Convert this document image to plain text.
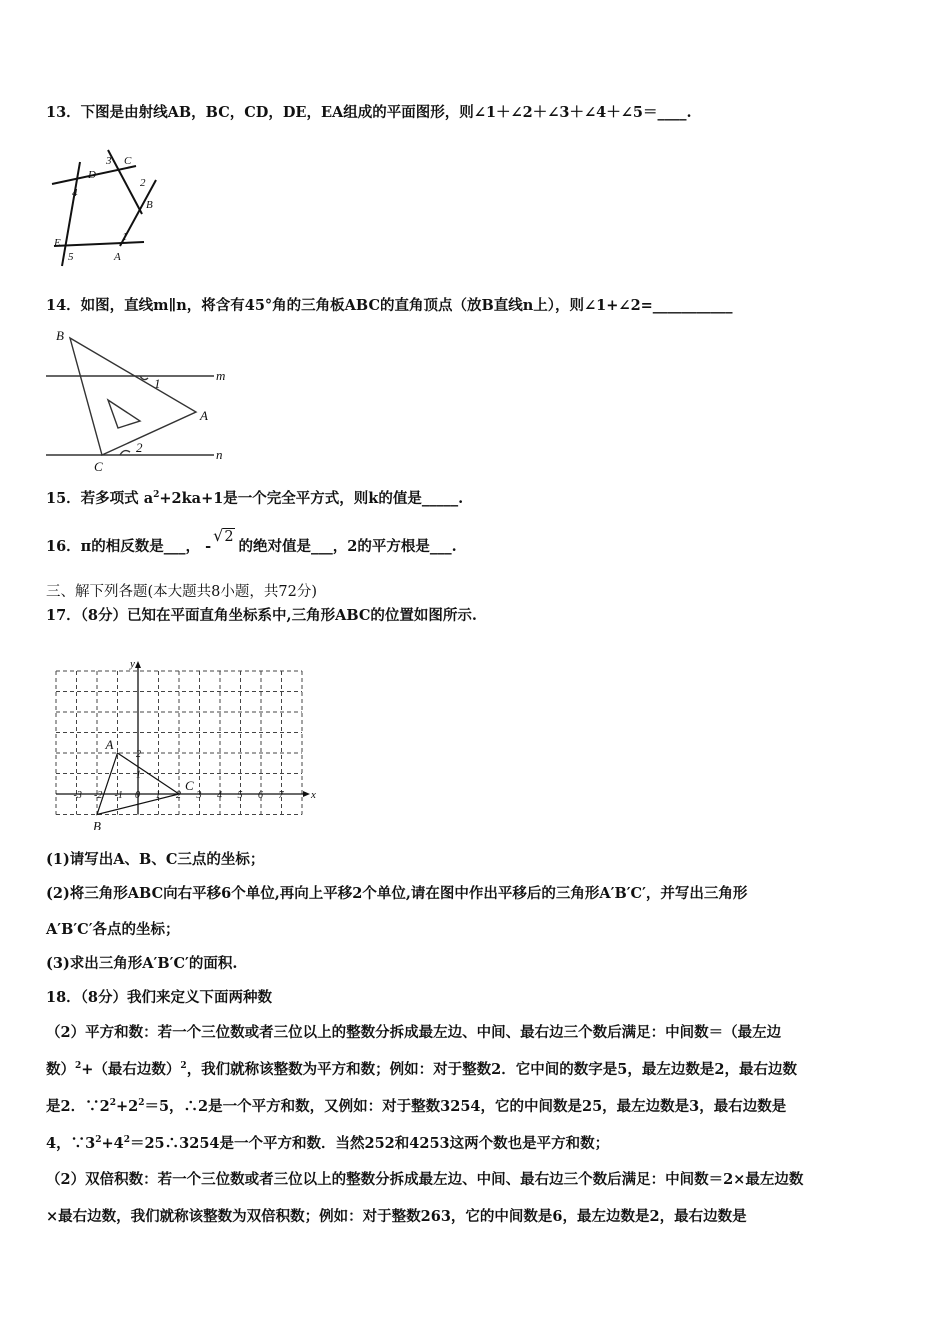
13．下图是由射线AB，BC，CD，DE，EA组成的平面图形，则∠1＋∠2＋∠3＋∠4＋∠5＝____.
D
3 C
2
B
4
1
A
E
5
14．如图，直线m∥n，将含有45°角的三角板ABC的直角顶点（放B直线n上），则∠1+∠2=___________
B
1
m
A
2
C
n
15．若多项式 $a^2+2ka+1$是一个完全平方式，则k的值是_____.
16．π的相反数是___， -√2的绝对值是___，2的平方根是___.
三、解下列各题(本大题共8小题，共72分)
17．（8分）已知在平面直角坐标系中,三角形ABC的位置如图所示.
x
y
-3 -2 -1 0 1 2 3 4 5 6 7
2
1
A
B
C
(1)请写出A、B、C三点的坐标；
(2)将三角形ABC向右平移6个单位,再向上平移2个单位,请在图中作出平移后的三角形A′B′C′，并写出三角形
A′B′C′各点的坐标；
(3)求出三角形A′B′C′的面积.
18．（8分）我们来定义下面两种数
（2）平方和数：若一个三位数或者三位以上的整数分拆成最左边、中间、最右边三个数后满足：中间数＝（最左边
数）$^2$+（最右边数）$^2$，我们就称该整数为平方和数；例如：对于整数2．它中间的数字是5，最左边数是2，最右边数
是2．$\because 2^2+2^2=5$，∴2是一个平方和数，又例如：对于整数3254，它的中间数是25，最左边数是3，最右边数是
4，$\because 3^2+4^2=25\therefore 3254$是一个平方和数．当然252和4253这两个数也是平方和数；
（2）双倍积数：若一个三位数或者三位以上的整数分拆成最左边、中间、最右边三个数后满足：中间数＝2×最左边数
×最右边数，我们就称该整数为双倍积数；例如：对于整数263，它的中间数是6，最左边数是2，最右边数是
